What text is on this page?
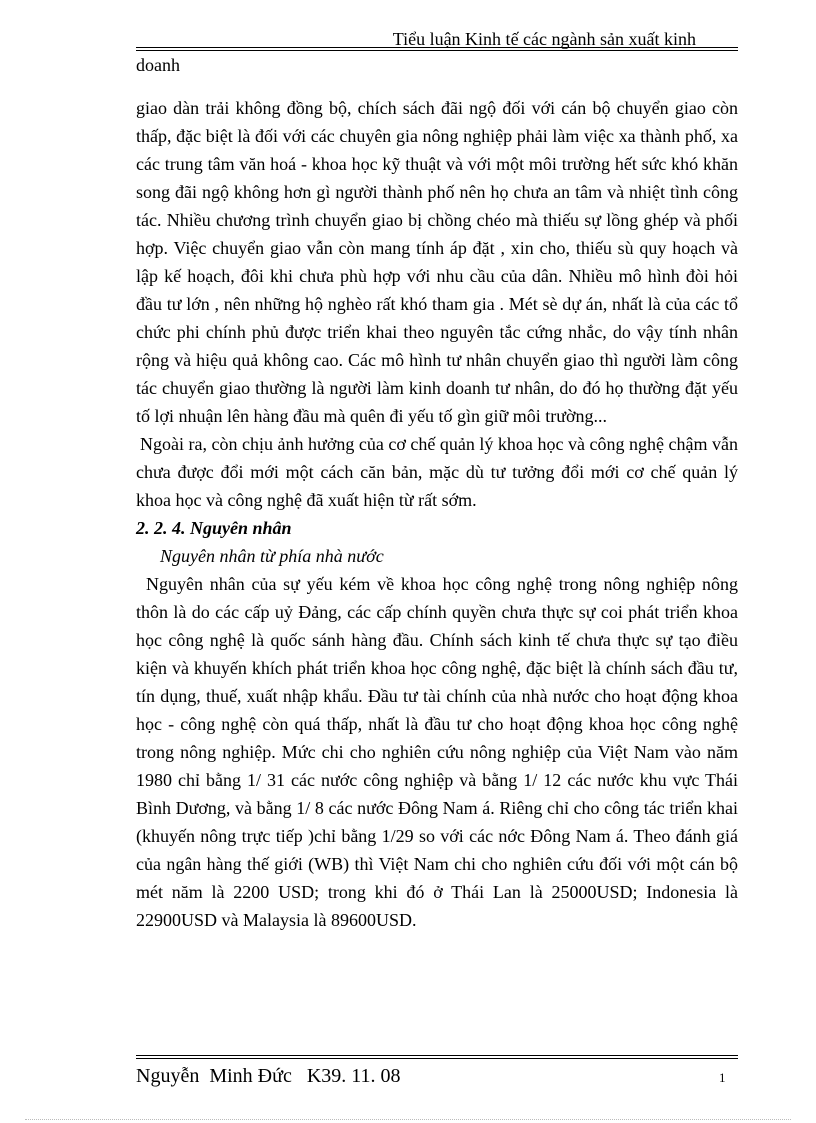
Tiểu luận Kinh tế các ngành sản xuất kinh
doanh

giao dàn trải không đồng bộ, chích sách đãi ngộ đối với cán bộ chuyển giao còn thấp, đặc biệt là đối với các chuyên gia nông nghiệp phải làm việc xa thành phố, xa các trung tâm văn hoá - khoa học kỹ thuật và với một môi trường hết sức khó khăn song đãi ngộ không hơn gì người thành phố nên họ chưa an tâm và nhiệt tình công tác. Nhiều chương trình chuyển giao bị chồng chéo mà thiếu sự lồng ghép và phối hợp. Việc chuyển giao vẫn còn mang tính áp đặt , xin cho, thiếu sù quy hoạch và lập kế hoạch, đôi khi chưa phù hợp với nhu cầu của dân. Nhiều mô hình đòi hỏi đầu tư lớn , nên những hộ nghèo rất khó tham gia . Mét sè dự án, nhất là của các tổ chức phi chính phủ được triển khai theo nguyên tắc cứng nhắc, do vậy tính nhân rộng và hiệu quả không cao. Các mô hình tư nhân chuyển giao thì người làm công tác chuyển giao thường là người làm kinh doanh tư nhân, do đó họ thường đặt yếu tố lợi nhuận lên hàng đầu mà quên đi yếu tố gìn giữ môi trường...

Ngoài ra, còn chịu ảnh hưởng của cơ chế quản lý khoa học và công nghệ chậm vẫn chưa được đổi mới một cách căn bản, mặc dù tư tưởng đổi mới cơ chế quản lý khoa học và công nghệ đã xuất hiện từ rất sớm.

2. 2. 4. Nguyên nhân

Nguyên nhân từ phía nhà nước

Nguyên nhân của sự yếu kém về khoa học công nghệ trong nông nghiệp nông thôn là do các cấp uỷ Đảng, các cấp chính quyền chưa thực sự coi phát triển khoa học công nghệ là quốc sánh hàng đầu. Chính sách kinh tế chưa thực sự tạo điều kiện và khuyến khích phát triển khoa học công nghệ, đặc biệt là chính sách đầu tư, tín dụng, thuế, xuất nhập khẩu. Đầu tư tài chính của nhà nước cho hoạt động khoa học - công nghệ còn quá thấp, nhất là đầu tư cho hoạt động khoa học công nghệ trong nông nghiệp. Mức chi cho nghiên cứu nông nghiệp của Việt Nam vào năm 1980 chỉ bằng 1/ 31 các nước công nghiệp và bằng 1/ 12 các nước khu vực Thái Bình Dương, và bằng 1/ 8 các nước Đông Nam á. Riêng chỉ cho công tác triển khai (khuyến nông trực tiếp )chỉ bằng 1/29 so với các nớc Đông Nam á. Theo đánh giá của ngân hàng thế giới (WB) thì Việt Nam chi cho nghiên cứu đối với một cán bộ mét năm là 2200 USD; trong khi đó ở Thái Lan là 25000USD; Indonesia là 22900USD và Malaysia là 89600USD.

Nguyễn  Minh Đức   K39. 11. 08	1
